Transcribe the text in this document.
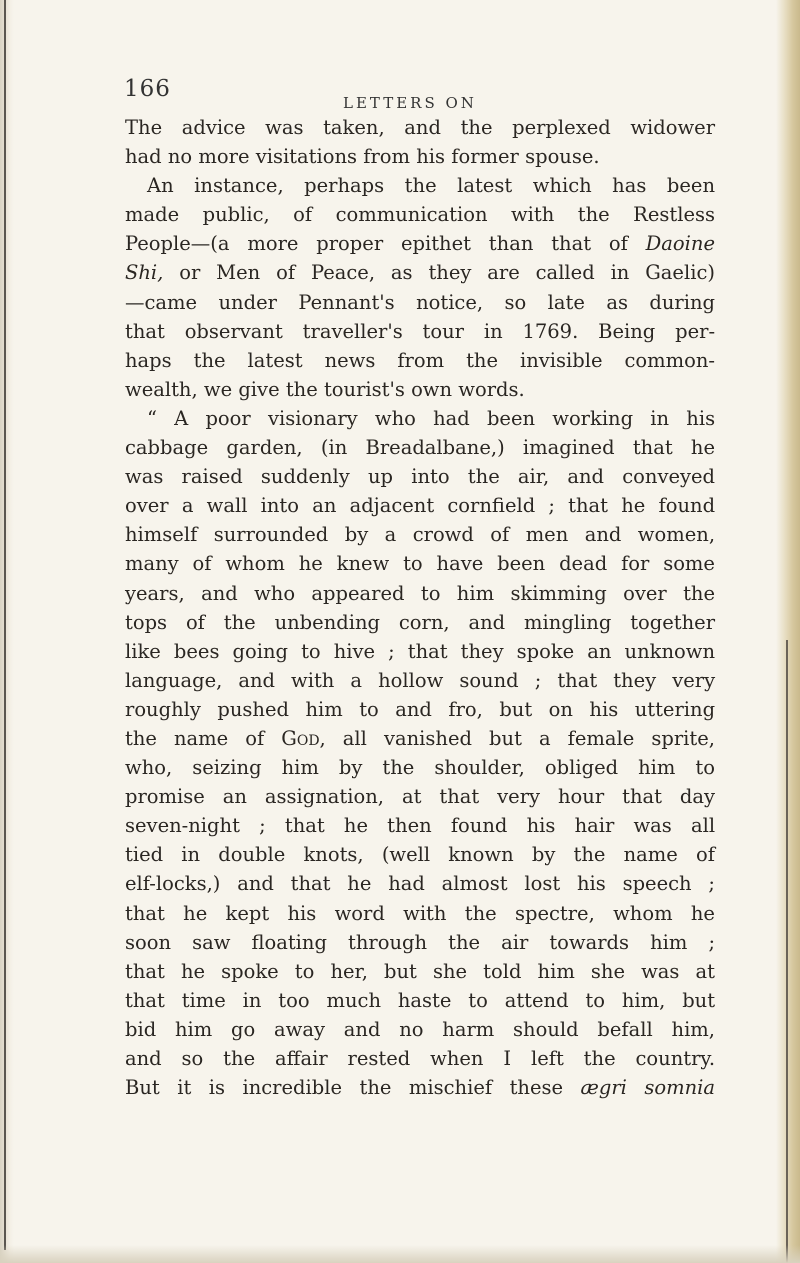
166
LETTERS ON
The advice was taken, and the perplexed widower
had no more visitations from his former spouse.
An instance, perhaps the latest which has been
made public, of communication with the Restless
People—(a more proper epithet than that of Daoine
Shi, or Men of Peace, as they are called in Gaelic)
—came under Pennant's notice, so late as during
that observant traveller's tour in 1769. Being per-
haps the latest news from the invisible common-
wealth, we give the tourist's own words.
“ A poor visionary who had been working in his
cabbage garden, (in Breadalbane,) imagined that he
was raised suddenly up into the air, and conveyed
over a wall into an adjacent cornfield ; that he found
himself surrounded by a crowd of men and women,
many of whom he knew to have been dead for some
years, and who appeared to him skimming over the
tops of the unbending corn, and mingling together
like bees going to hive ; that they spoke an unknown
language, and with a hollow sound ; that they very
roughly pushed him to and fro, but on his uttering
the name of God, all vanished but a female sprite,
who, seizing him by the shoulder, obliged him to
promise an assignation, at that very hour that day
seven-night ; that he then found his hair was all
tied in double knots, (well known by the name of
elf-locks,) and that he had almost lost his speech ;
that he kept his word with the spectre, whom he
soon saw floating through the air towards him ;
that he spoke to her, but she told him she was at
that time in too much haste to attend to him, but
bid him go away and no harm should befall him,
and so the affair rested when I left the country.
But it is incredible the mischief these ægri somnia
